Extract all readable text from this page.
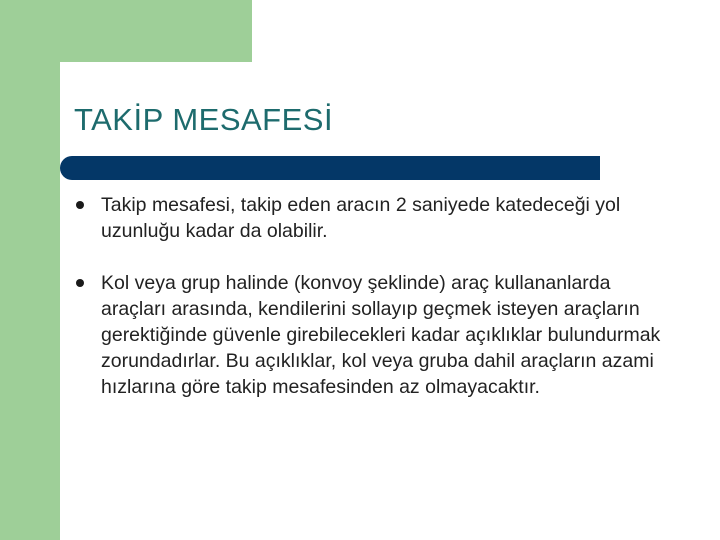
TAKİP MESAFESİ
Takip mesafesi, takip eden aracın 2 saniyede katedeceği yol uzunluğu kadar da olabilir.
Kol veya grup halinde (konvoy şeklinde) araç kullananlarda araçları arasında, kendilerini sollayıp geçmek isteyen araçların gerektiğinde güvenle girebilecekleri kadar açıklıklar bulundurmak zorundadırlar. Bu açıklıklar, kol veya gruba dahil araçların azami hızlarına göre takip mesafesinden az olmayacaktır.
